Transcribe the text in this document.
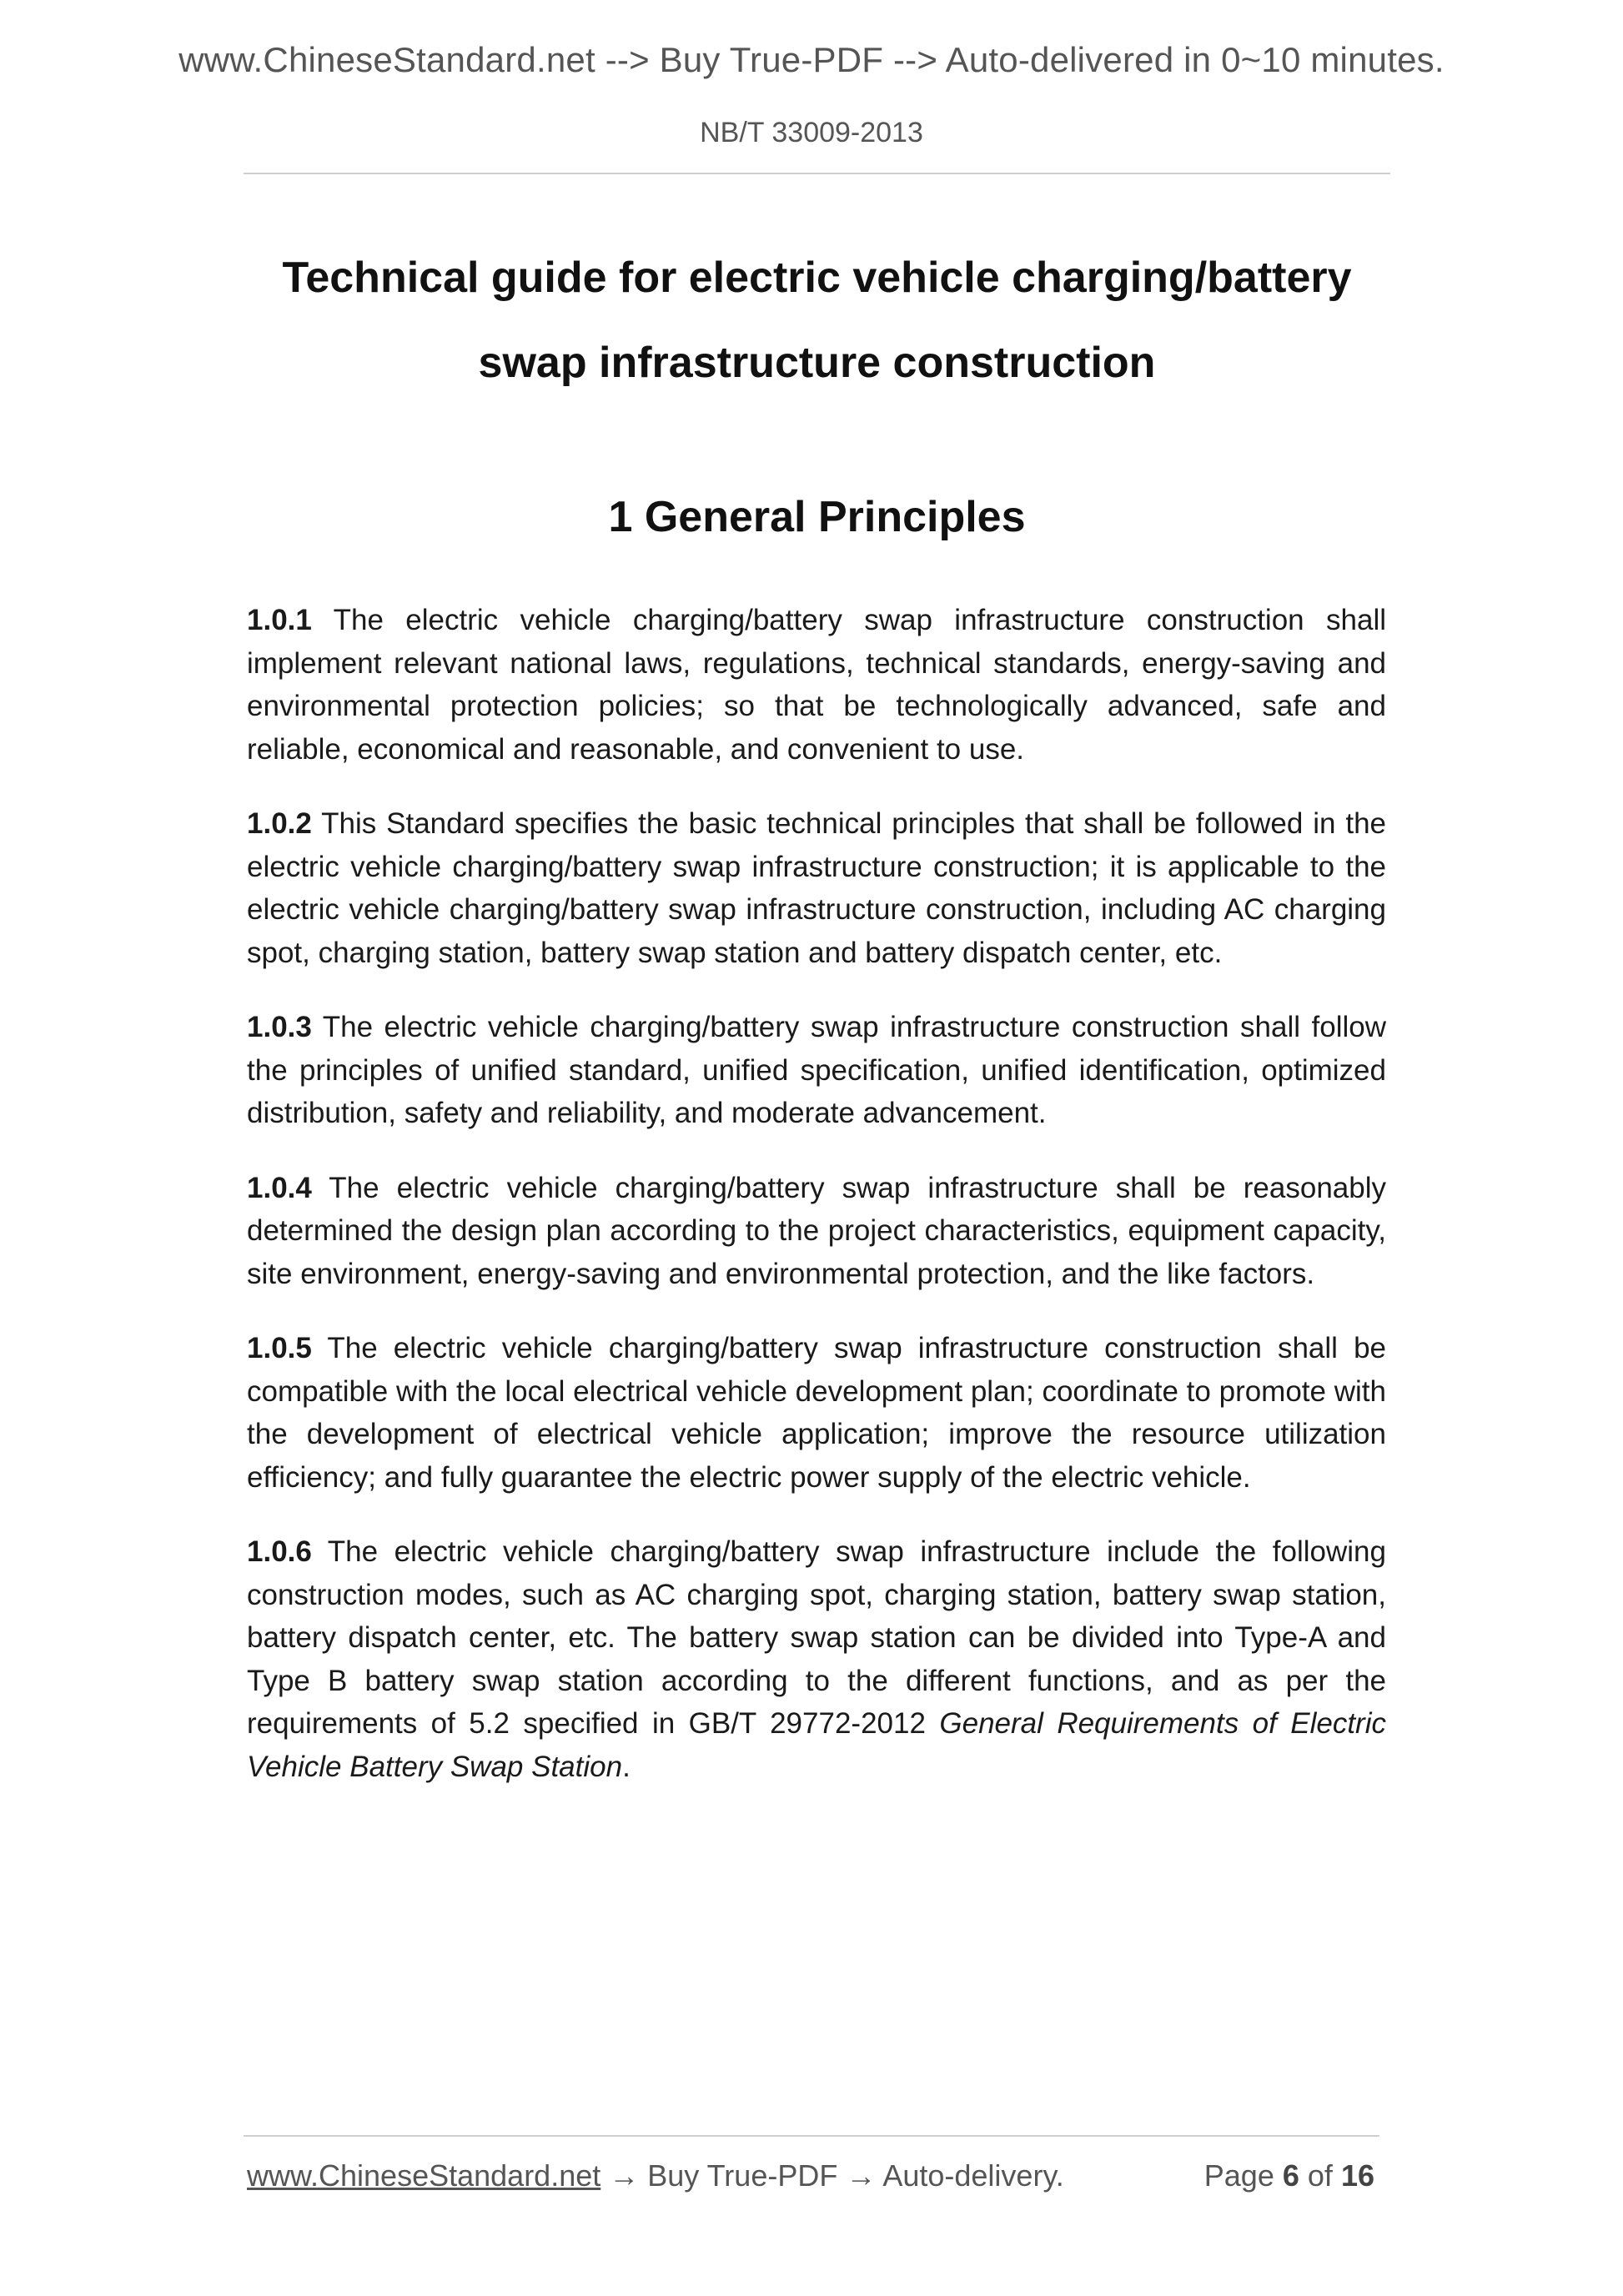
www.ChineseStandard.net --> Buy True-PDF --> Auto-delivered in 0~10 minutes.
NB/T 33009-2013
Technical guide for electric vehicle charging/battery
swap infrastructure construction
1 General Principles

1.0.1 The electric vehicle charging/battery swap infrastructure construction shall implement relevant national laws, regulations, technical standards, energy-saving and environmental protection policies; so that be technologically advanced, safe and reliable, economical and reasonable, and convenient to use.

1.0.2 This Standard specifies the basic technical principles that shall be followed in the electric vehicle charging/battery swap infrastructure construction; it is applicable to the electric vehicle charging/battery swap infrastructure construction, including AC charging spot, charging station, battery swap station and battery dispatch center, etc.

1.0.3 The electric vehicle charging/battery swap infrastructure construction shall follow the principles of unified standard, unified specification, unified identification, optimized distribution, safety and reliability, and moderate advancement.

1.0.4 The electric vehicle charging/battery swap infrastructure shall be reasonably determined the design plan according to the project characteristics, equipment capacity, site environment, energy-saving and environmental protection, and the like factors.

1.0.5 The electric vehicle charging/battery swap infrastructure construction shall be compatible with the local electrical vehicle development plan; coordinate to promote with the development of electrical vehicle application; improve the resource utilization efficiency; and fully guarantee the electric power supply of the electric vehicle.

1.0.6 The electric vehicle charging/battery swap infrastructure include the following construction modes, such as AC charging spot, charging station, battery swap station, battery dispatch center, etc. The battery swap station can be divided into Type-A and Type B battery swap station according to the different functions, and as per the requirements of 5.2 specified in GB/T 29772-2012 General Requirements of Electric Vehicle Battery Swap Station.

www.ChineseStandard.net → Buy True-PDF → Auto-delivery.	Page 6 of 16
